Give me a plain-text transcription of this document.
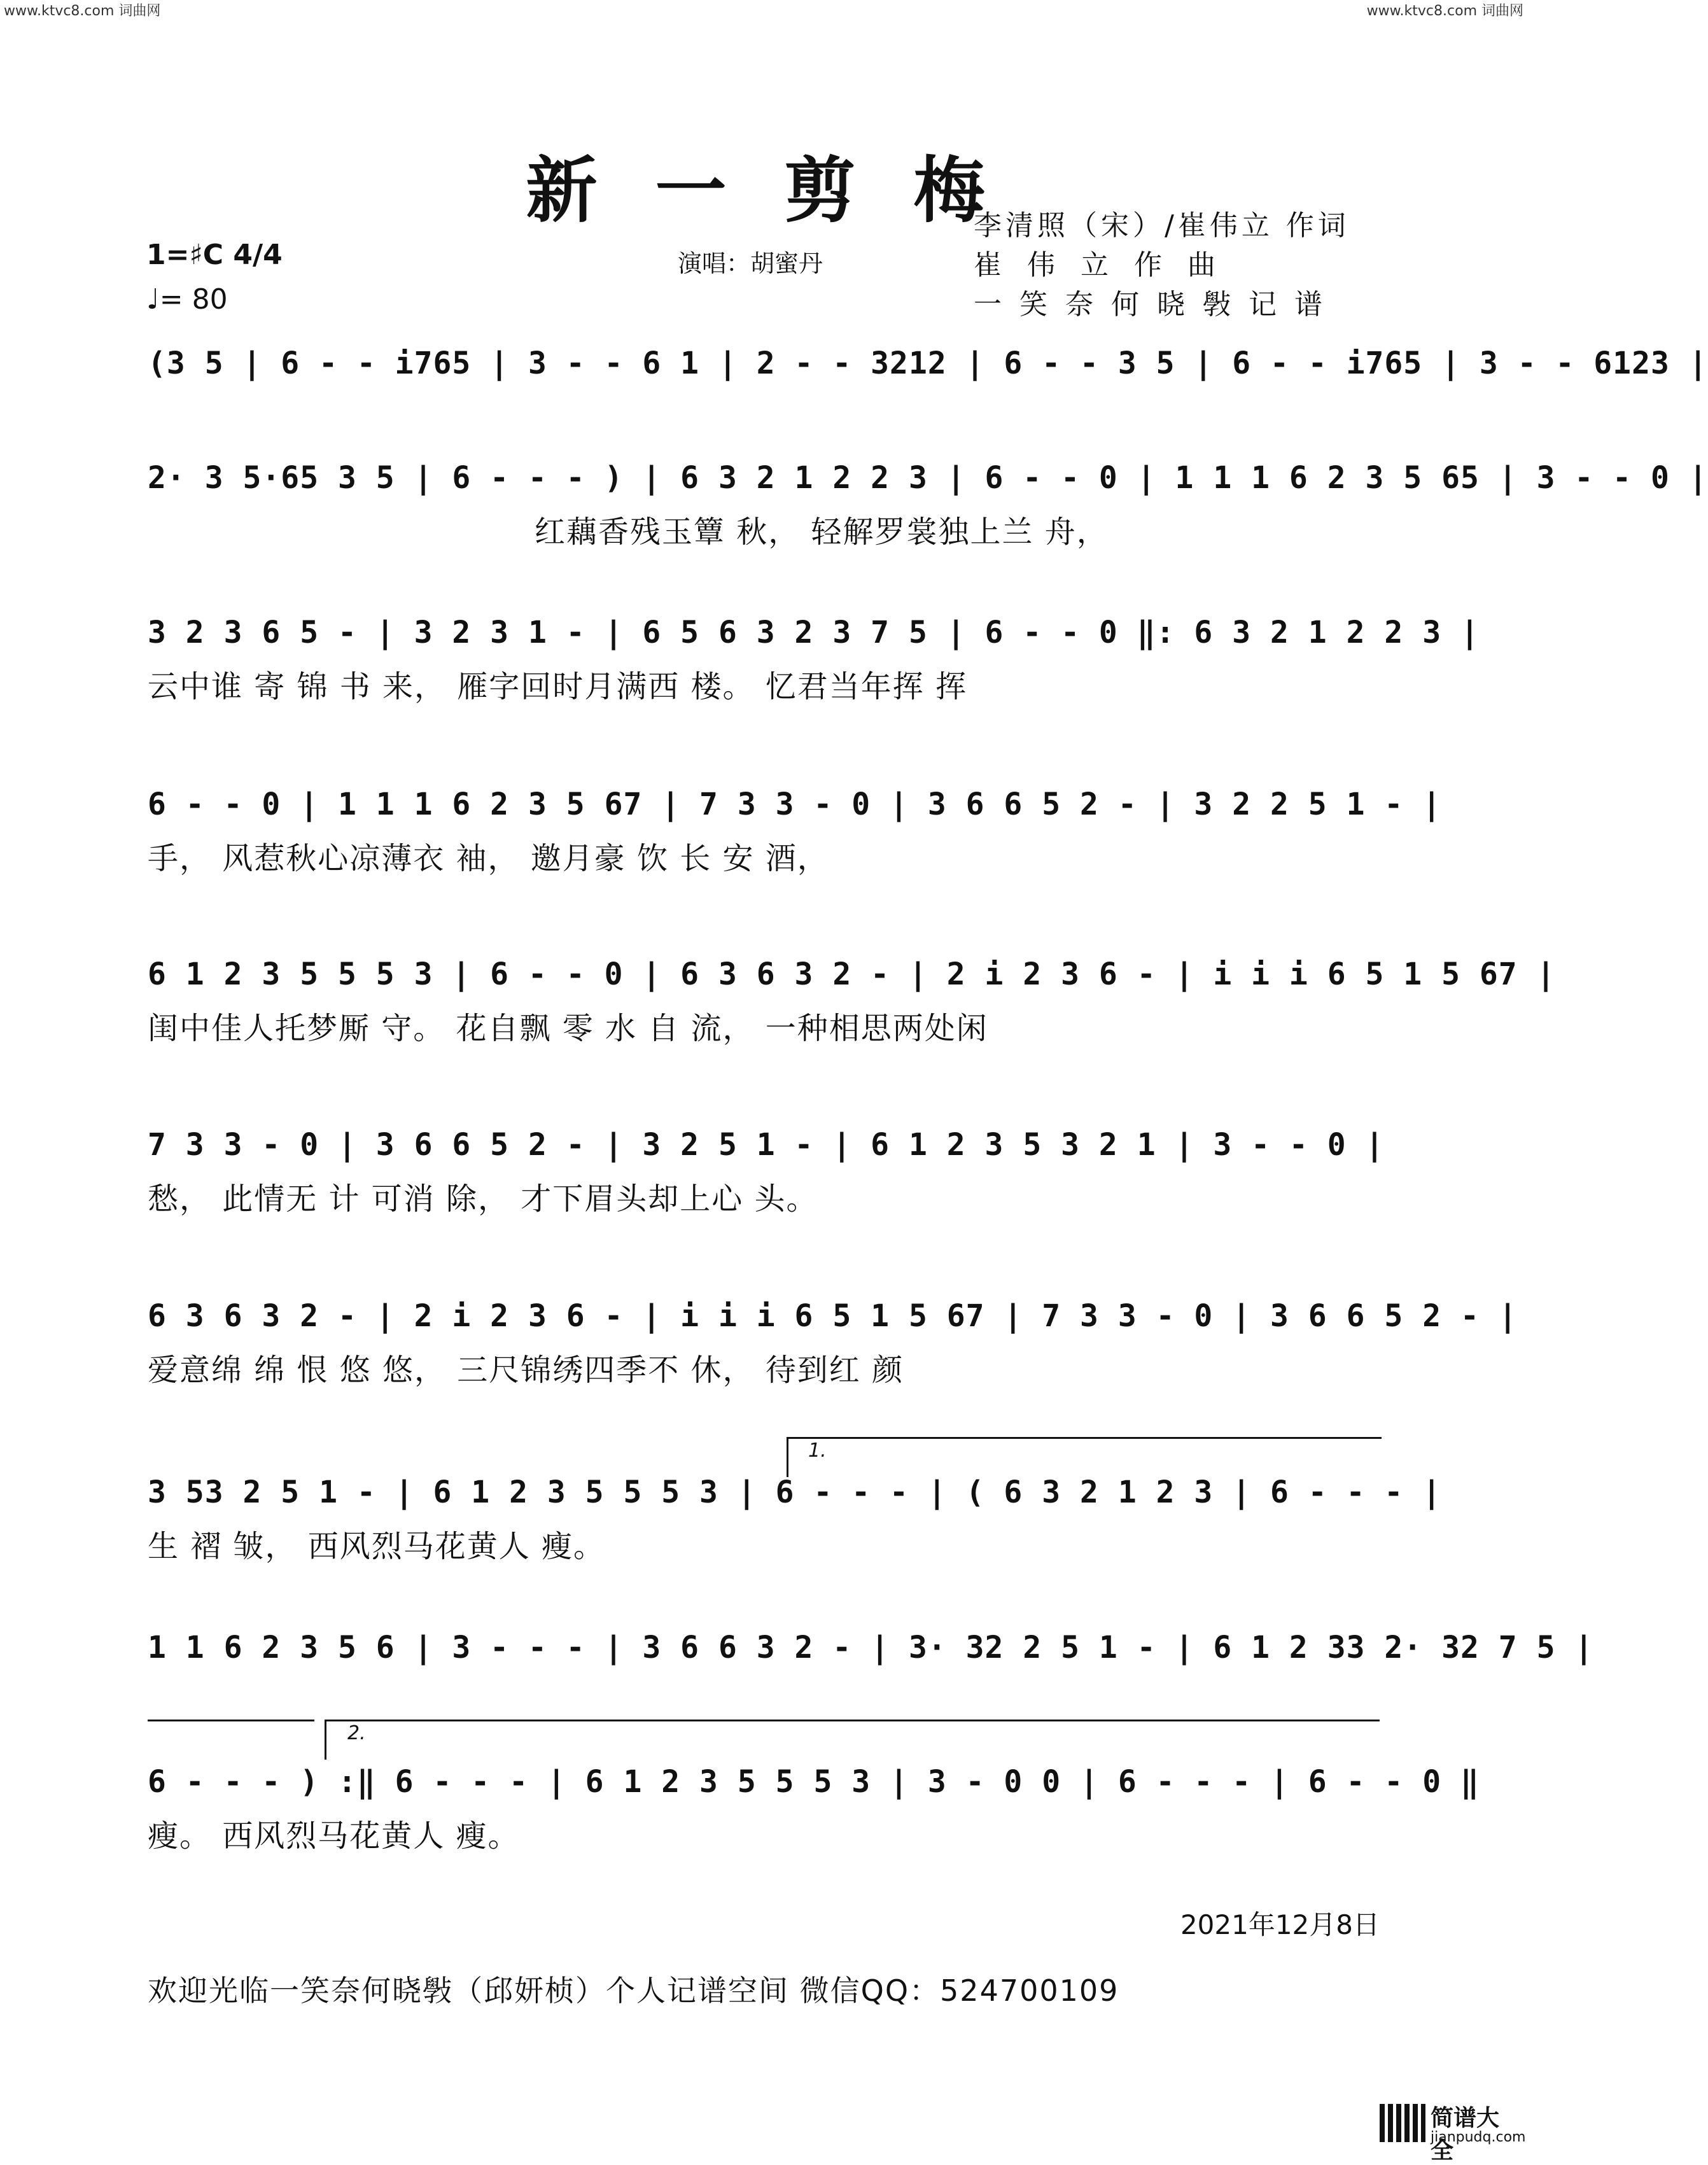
www.ktvc8.com 词曲网	www.ktvc8.com 词曲网
新 一 剪 梅
1=♯C 4/4
♩= 80
演唱：胡蜜丹
李清照（宋）/崔伟立 作词
崔伟立作曲
一笑奈何晓斅记谱
(3 5 | 6 - - i765 | 3 - - 6 1 | 2 - - 3212 | 6 - - 3 5 | 6 - - i765 | 3 - - 6123 |
2· 3 5·65 3 5 | 6 - - - ) | 6 3 2 1 2 2 3 | 6 - - 0 | 1 1 1 6 2 3 5 65 | 3 - - 0 |
红藕香残玉簟 秋， 轻解罗裳独上兰 舟，
3 2 3 6 5 - | 3 2 3 1 - | 6 5 6 3 2 3 7 5 | 6 - - 0 ‖: 6 3 2 1 2 2 3 |
云中谁 寄 锦 书 来， 雁字回时月满西 楼。 忆君当年挥 挥
6 - - 0 | 1 1 1 6 2 3 5 67 | 7 3 3 - 0 | 3 6 6 5 2 - | 3 2 2 5 1 - |
手， 风惹秋心凉薄衣 袖， 邀月豪 饮 长 安 酒，
6 1 2 3 5 5 5 3 | 6 - - 0 | 6 3 6 3 2 - | 2 i 2 3 6 - | i i i 6 5 1 5 67 |
闺中佳人托梦厮 守。 花自飘 零 水 自 流， 一种相思两处闲
7 3 3 - 0 | 3 6 6 5 2 - | 3 2 5 1 - | 6 1 2 3 5 3 2 1 | 3 - - 0 |
愁， 此情无 计 可消 除， 才下眉头却上心 头。
6 3 6 3 2 - | 2 i 2 3 6 - | i i i 6 5 1 5 67 | 7 3 3 - 0 | 3 6 6 5 2 - |
爱意绵 绵 恨 悠 悠， 三尺锦绣四季不 休， 待到红 颜
1.
3 53 2 5 1 - | 6 1 2 3 5 5 5 3 | 6 - - - | ( 6 3 2 1 2 3 | 6 - - - |
生 褶 皱， 西风烈马花黄人 瘦。
1 1 6 2 3 5 6 | 3 - - - | 3 6 6 3 2 - | 3· 32 2 5 1 - | 6 1 2 33 2· 32 7 5 |
2.
6 - - - ) :‖ 6 - - - | 6 1 2 3 5 5 5 3 | 3 - 0 0 | 6 - - - | 6 - - 0 ‖
瘦。 西风烈马花黄人 瘦。
2021年12月8日
欢迎光临一笑奈何晓斅（邱妍桢）个人记谱空间 微信QQ：524700109
简谱大全
jianpudq.com
